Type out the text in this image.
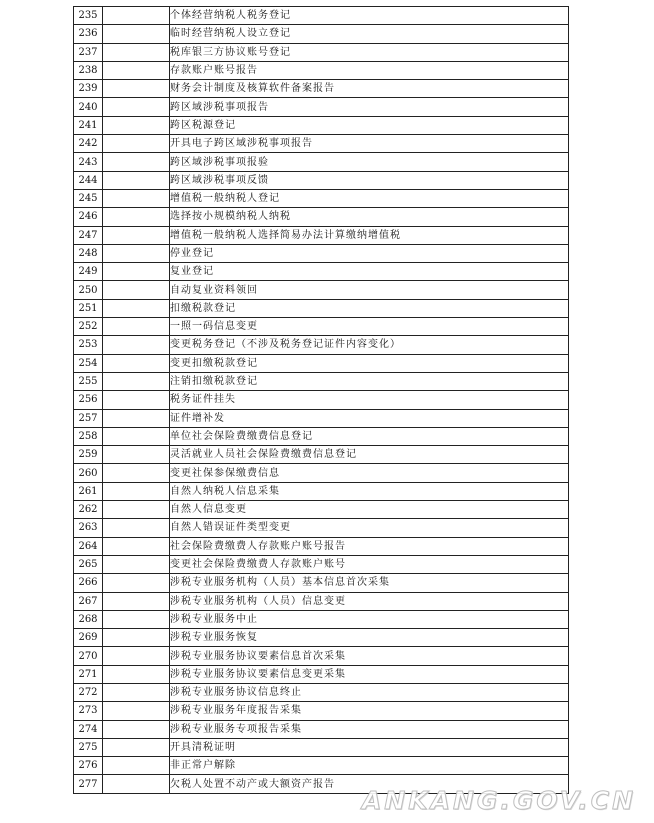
235		个体经营纳税人税务登记
236		临时经营纳税人设立登记
237		税库银三方协议账号登记
238		存款账户账号报告
239		财务会计制度及核算软件备案报告
240		跨区域涉税事项报告
241		跨区税源登记
242		开具电子跨区域涉税事项报告
243		跨区域涉税事项报验
244		跨区域涉税事项反馈
245		增值税一般纳税人登记
246		选择按小规模纳税人纳税
247		增值税一般纳税人选择简易办法计算缴纳增值税
248		停业登记
249		复业登记
250		自动复业资料领回
251		扣缴税款登记
252		一照一码信息变更
253		变更税务登记（不涉及税务登记证件内容变化）
254		变更扣缴税款登记
255		注销扣缴税款登记
256		税务证件挂失
257		证件增补发
258		单位社会保险费缴费信息登记
259		灵活就业人员社会保险费缴费信息登记
260		变更社保参保缴费信息
261		自然人纳税人信息采集
262		自然人信息变更
263		自然人错误证件类型变更
264		社会保险费缴费人存款账户账号报告
265		变更社会保险费缴费人存款账户账号
266		涉税专业服务机构（人员）基本信息首次采集
267		涉税专业服务机构（人员）信息变更
268		涉税专业服务中止
269		涉税专业服务恢复
270		涉税专业服务协议要素信息首次采集
271		涉税专业服务协议要素信息变更采集
272		涉税专业服务协议信息终止
273		涉税专业服务年度报告采集
274		涉税专业服务专项报告采集
275		开具清税证明
276		非正常户解除
277		欠税人处置不动产或大额资产报告
ANKANG.GOV.CN
